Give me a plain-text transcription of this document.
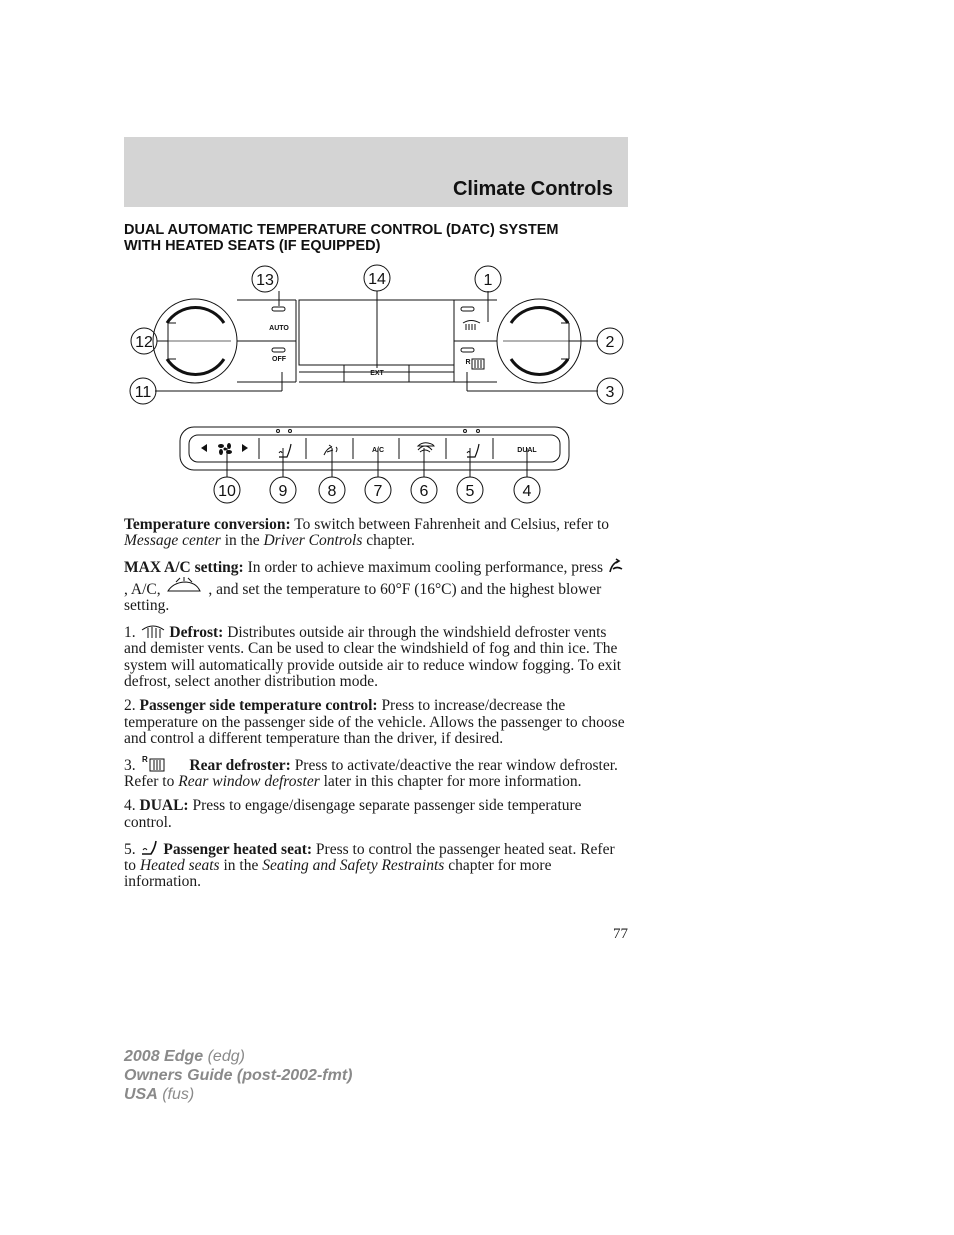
Climate Controls
DUAL AUTOMATIC TEMPERATURE CONTROL (DATC) SYSTEM
WITH HEATED SEATS (IF EQUIPPED)
AUTO
OFF
EXT
A/C	DUAL
R
13	14	1
12	2
11	3
10	9	8 7 6 5	4

Temperature conversion: To switch between Fahrenheit and Celsius, refer to Message center in the Driver Controls chapter.

MAX A/C setting: In order to achieve maximum cooling performance, press  , A/C,	, and set the temperature to 60°F (16°C) and the highest blower setting.

1. Defrost: Distributes outside air through the windshield defroster vents and demister vents. Can be used to clear the windshield of fog and thin ice. The system will automatically provide outside air to reduce window fogging. To exit defrost, select another distribution mode.

2. Passenger side temperature control: Press to increase/decrease the temperature on the passenger side of the vehicle. Allows the passenger to choose and control a different temperature than the driver, if desired.

3. R	Rear defroster: Press to activate/deactive the rear window defroster. Refer to Rear window defroster later in this chapter for more information.

4. DUAL: Press to engage/disengage separate passenger side temperature control.

5. Passenger heated seat: Press to control the passenger heated seat. Refer to Heated seats in the Seating and Safety Restraints chapter for more information.

77
2008 Edge (edg)
Owners Guide (post-2002-fmt)
USA (fus)
